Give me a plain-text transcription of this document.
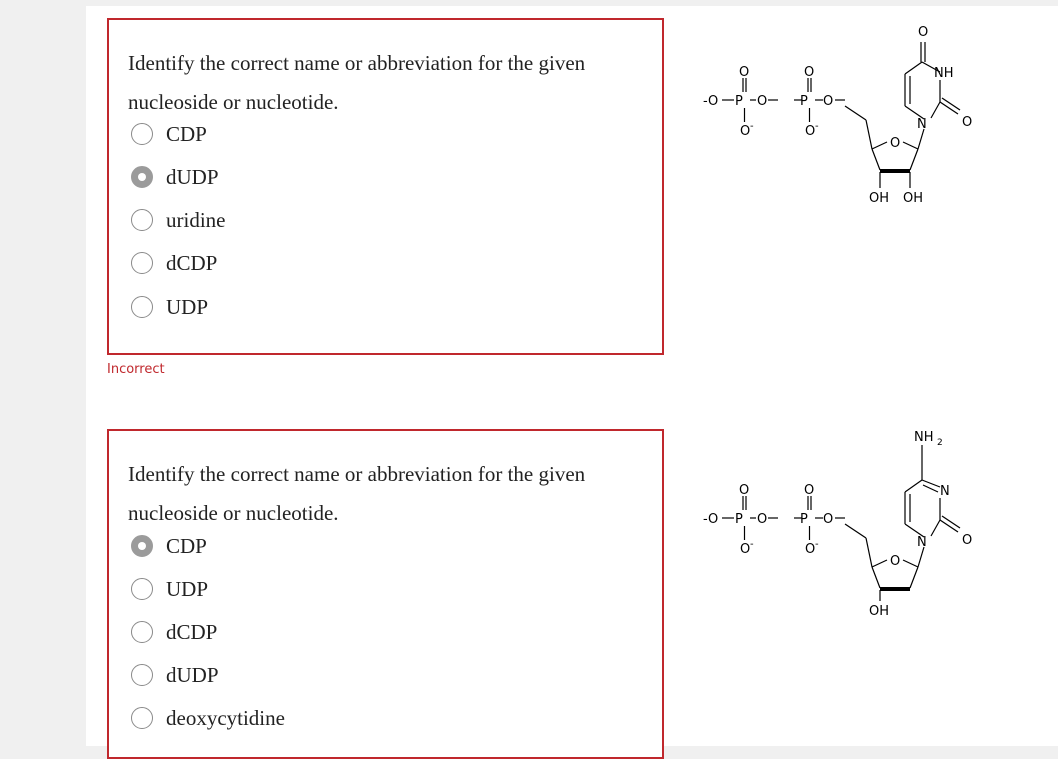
Identify the correct name or abbreviation for the given nucleoside or nucleotide.
CDP
dUDP
uridine
dCDP
UDP
Incorrect
-O P
O
O
O -
P
O
O
O -
O
OH OH
N
NH
O
O
Identify the correct name or abbreviation for the given nucleoside or nucleotide.
CDP
UDP
dCDP
dUDP
deoxycytidine
-O P
O
O
O -
P
O
O
O -
O
OH
N
N
NH 2
O
